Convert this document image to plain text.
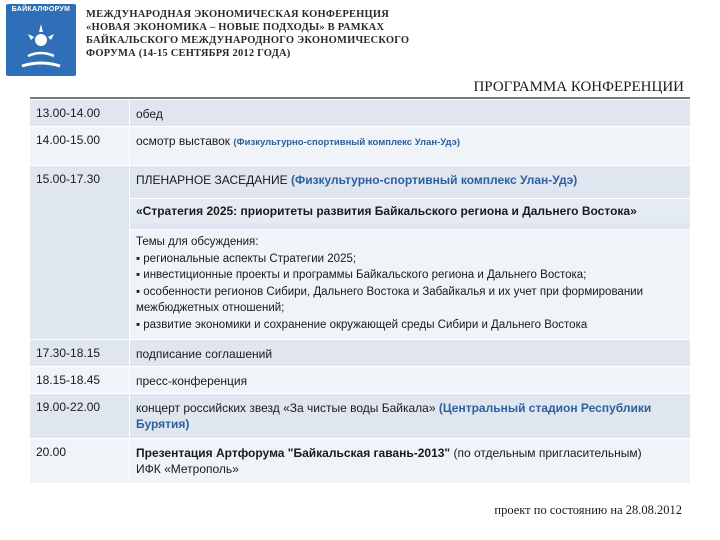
БАЙКАЛФОРУМ	МЕЖДУНАРОДНАЯ ЭКОНОМИЧЕСКАЯ КОНФЕРЕНЦИЯ
«НОВАЯ ЭКОНОМИКА – НОВЫЕ ПОДХОДЫ» В РАМКАХ
БАЙКАЛЬСКОГО МЕЖДУНАРОДНОГО ЭКОНОМИЧЕСКОГО
ФОРУМА (14-15 СЕНТЯБРЯ 2012 ГОДА)
ПРОГРАММА КОНФЕРЕНЦИИ
13.00-14.00	обед
14.00-15.00	осмотр выставок (Физкультурно-спортивный комплекс Улан-Удэ)
15.00-17.30	ПЛЕНАРНОЕ ЗАСЕДАНИЕ (Физкультурно-спортивный комплекс Улан-Удэ)
«Стратегия 2025: приоритеты развития Байкальского региона и Дальнего Востока»
Темы для обсуждения:
▪ региональные аспекты Стратегии 2025;
▪ инвестиционные проекты и программы Байкальского региона и Дальнего Востока;
▪ особенности регионов Сибири, Дальнего Востока и Забайкалья и их учет при формировании межбюджетных отношений;
▪ развитие экономики и сохранение окружающей среды Сибири и Дальнего Востока
17.30-18.15	подписание соглашений
18.15-18.45	пресс-конференция
19.00-22.00	концерт российских звезд «За чистые воды Байкала» (Центральный стадион Республики Бурятия)
20.00	Презентация Артфорума "Байкальская гавань-2013" (по отдельным пригласительным)
ИФК «Метрополь»
проект по состоянию на 28.08.2012
